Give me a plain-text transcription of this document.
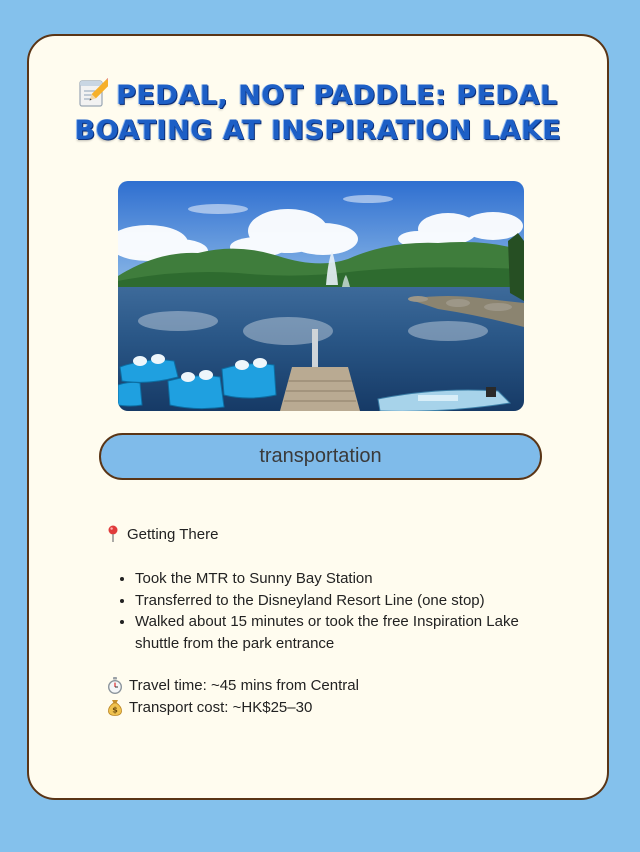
PEDAL, NOT PADDLE: PEDAL
BOATING AT INSPIRATION LAKE
transportation
Getting There
• Took the MTR to Sunny Bay Station
• Transferred to the Disneyland Resort Line (one stop)
• Walked about 15 minutes or took the free Inspiration Lake shuttle from the park entrance
Travel time: ~45 mins from Central
$ Transport cost: ~HK$25–30
